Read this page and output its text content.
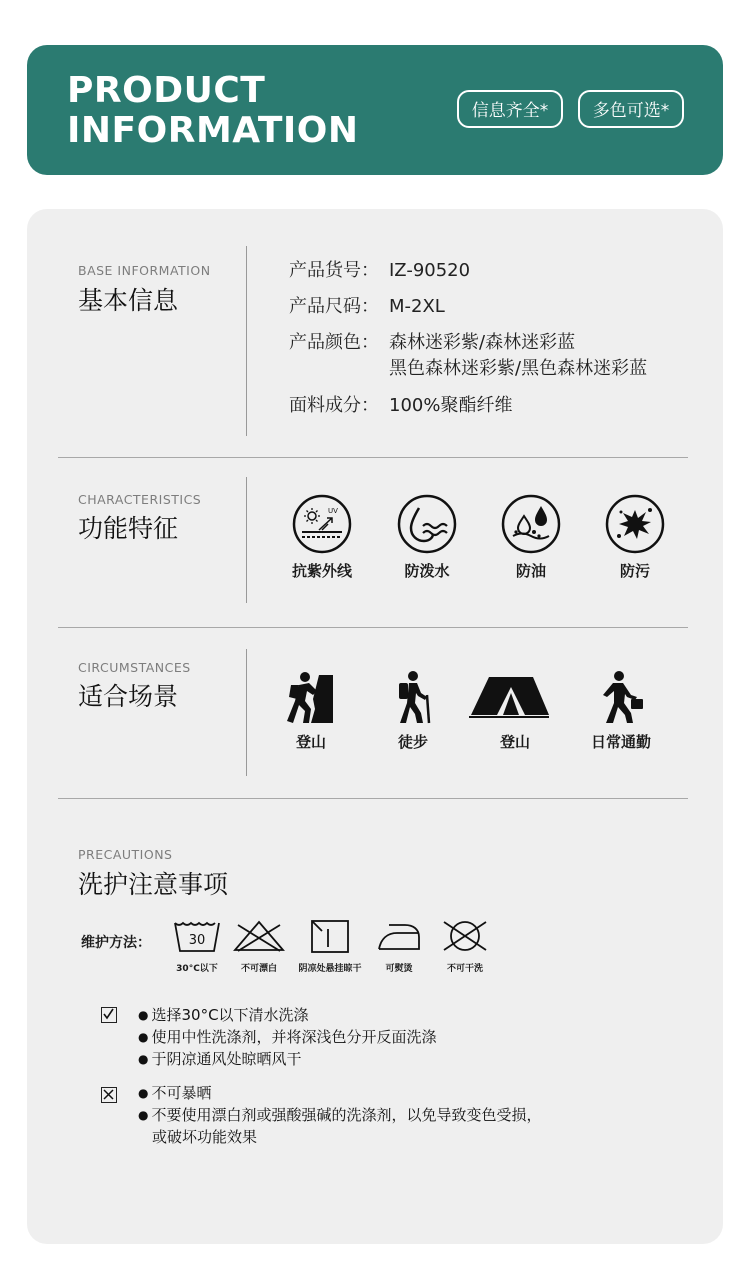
PRODUCT
INFORMATION	信息齐全*	多色可选*
BASE INFORMATION
基本信息
产品货号： IZ-90520
产品尺码： M-2XL
产品颜色： 森林迷彩紫/森林迷彩蓝
黑色森林迷彩紫/黑色森林迷彩蓝
面料成分： 100%聚酯纤维
CHARACTERISTICS
功能特征
UV
抗紫外线	防泼水	防油	防污
CIRCUMSTANCES
适合场景
登山	徒步	登山	日常通勤
PRECAUTIONS
洗护注意事项
维护方法：	30
30°C以下	不可漂白	阴凉处悬挂晾干	可熨烫	不可干洗
● 选择30°C以下清水洗涤
● 使用中性洗涤剂，并将深浅色分开反面洗涤
● 于阴凉通风处晾晒风干
● 不可暴晒
● 不要使用漂白剂或强酸强碱的洗涤剂，以免导致变色受损，
或破坏功能效果
